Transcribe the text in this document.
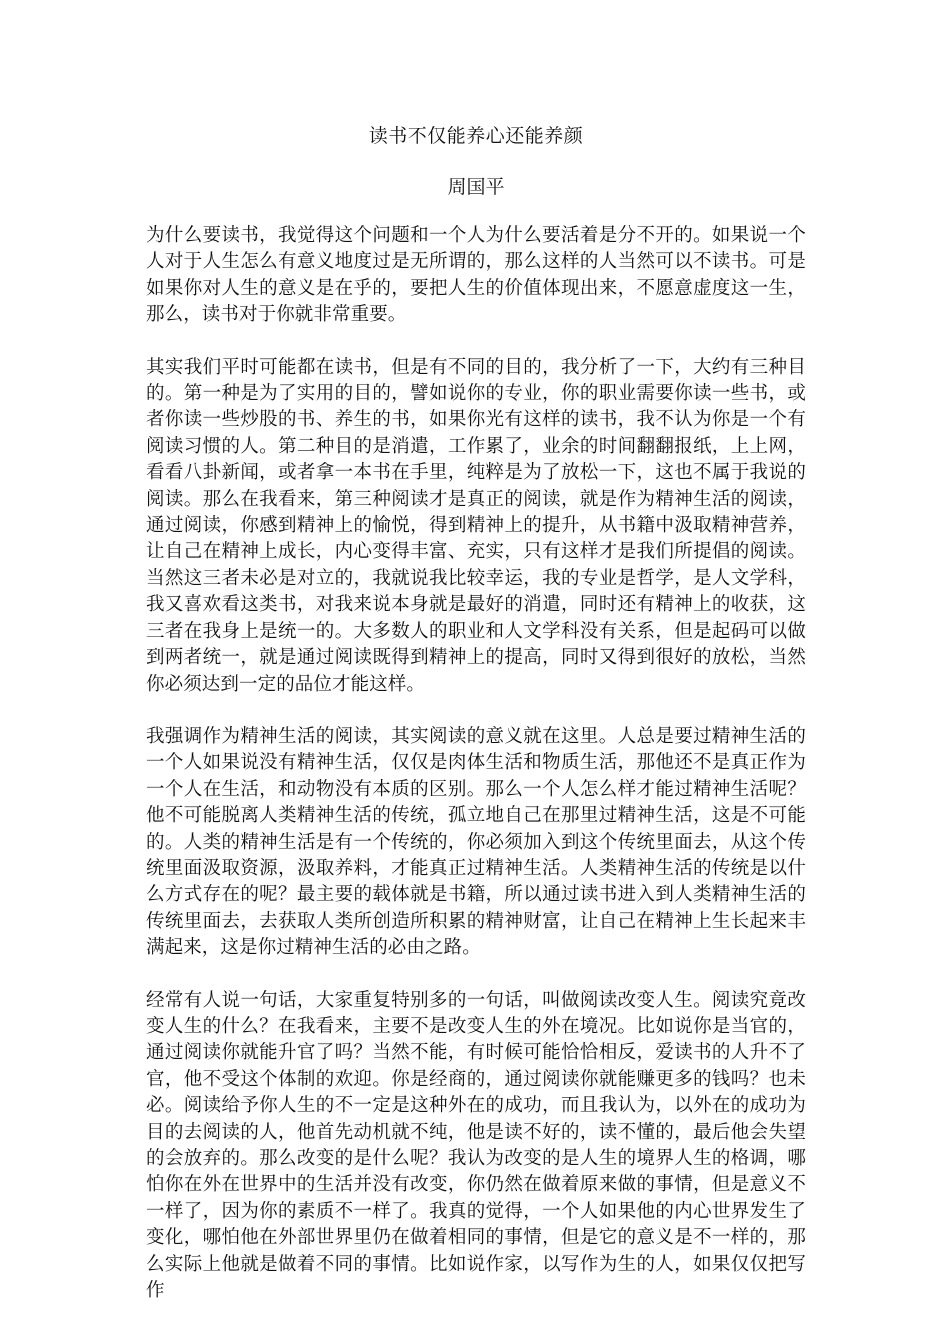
读书不仅能养心还能养颜

周国平

为什么要读书，我觉得这个问题和一个人为什么要活着是分不开的。如果说一个人对于人生怎么有意义地度过是无所谓的，那么这样的人当然可以不读书。可是如果你对人生的意义是在乎的，要把人生的价值体现出来，不愿意虚度这一生，那么，读书对于你就非常重要。

其实我们平时可能都在读书，但是有不同的目的，我分析了一下，大约有三种目的。第一种是为了实用的目的，譬如说你的专业，你的职业需要你读一些书，或者你读一些炒股的书、养生的书，如果你光有这样的读书，我不认为你是一个有阅读习惯的人。第二种目的是消遣，工作累了，业余的时间翻翻报纸，上上网，看看八卦新闻，或者拿一本书在手里，纯粹是为了放松一下，这也不属于我说的阅读。那么在我看来，第三种阅读才是真正的阅读，就是作为精神生活的阅读，通过阅读，你感到精神上的愉悦，得到精神上的提升，从书籍中汲取精神营养，让自己在精神上成长，内心变得丰富、充实，只有这样才是我们所提倡的阅读。当然这三者未必是对立的，我就说我比较幸运，我的专业是哲学，是人文学科，我又喜欢看这类书，对我来说本身就是最好的消遣，同时还有精神上的收获，这三者在我身上是统一的。大多数人的职业和人文学科没有关系，但是起码可以做到两者统一，就是通过阅读既得到精神上的提高，同时又得到很好的放松，当然你必须达到一定的品位才能这样。

我强调作为精神生活的阅读，其实阅读的意义就在这里。人总是要过精神生活的一个人如果说没有精神生活，仅仅是肉体生活和物质生活，那他还不是真正作为一个人在生活，和动物没有本质的区别。那么一个人怎么样才能过精神生活呢？他不可能脱离人类精神生活的传统，孤立地自己在那里过精神生活，这是不可能的。人类的精神生活是有一个传统的，你必须加入到这个传统里面去，从这个传统里面汲取资源，汲取养料，才能真正过精神生活。人类精神生活的传统是以什么方式存在的呢？最主要的载体就是书籍，所以通过读书进入到人类精神生活的传统里面去，去获取人类所创造所积累的精神财富，让自己在精神上生长起来丰满起来，这是你过精神生活的必由之路。

经常有人说一句话，大家重复特别多的一句话，叫做阅读改变人生。阅读究竟改变人生的什么？在我看来，主要不是改变人生的外在境况。比如说你是当官的，通过阅读你就能升官了吗？当然不能，有时候可能恰恰相反，爱读书的人升不了官，他不受这个体制的欢迎。你是经商的，通过阅读你就能赚更多的钱吗？也未必。阅读给予你人生的不一定是这种外在的成功，而且我认为，以外在的成功为目的去阅读的人，他首先动机就不纯，他是读不好的，读不懂的，最后他会失望的会放弃的。那么改变的是什么呢？我认为改变的是人生的境界人生的格调，哪怕你在外在世界中的生活并没有改变，你仍然在做着原来做的事情，但是意义不一样了，因为你的素质不一样了。我真的觉得，一个人如果他的内心世界发生了变化，哪怕他在外部世界里仍在做着相同的事情，但是它的意义是不一样的，那么实际上他就是做着不同的事情。比如说作家，以写作为生的人，如果仅仅把写作
